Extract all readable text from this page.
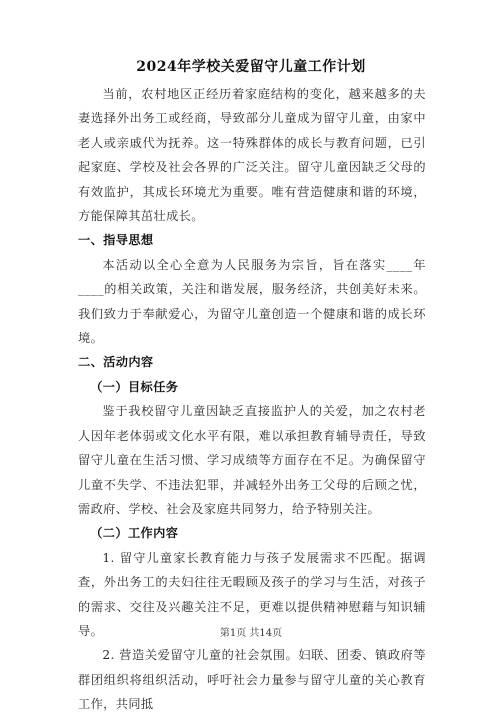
2024年学校关爱留守儿童工作计划

当前，农村地区正经历着家庭结构的变化，越来越多的夫妻选择外出务工或经商，导致部分儿童成为留守儿童，由家中老人或亲戚代为抚养。这一特殊群体的成长与教育问题，已引起家庭、学校及社会各界的广泛关注。留守儿童因缺乏父母的有效监护，其成长环境尤为重要。唯有营造健康和谐的环境，方能保障其茁壮成长。

一、指导思想

本活动以全心全意为人民服务为宗旨，旨在落实____年____的相关政策，关注和谐发展，服务经济，共创美好未来。我们致力于奉献爱心，为留守儿童创造一个健康和谐的成长环境。

二、活动内容
（一）目标任务

鉴于我校留守儿童因缺乏直接监护人的关爱，加之农村老人因年老体弱或文化水平有限，难以承担教育辅导责任，导致留守儿童在生活习惯、学习成绩等方面存在不足。为确保留守儿童不失学、不违法犯罪，并减轻外出务工父母的后顾之忧，需政府、学校、社会及家庭共同努力，给予特别关注。

（二）工作内容

1. 留守儿童家长教育能力与孩子发展需求不匹配。据调查，外出务工的夫妇往往无暇顾及孩子的学习与生活，对孩子的需求、交往及兴趣关注不足，更难以提供精神慰藉与知识辅导。

2. 营造关爱留守儿童的社会氛围。妇联、团委、镇政府等群团组织将组织活动，呼吁社会力量参与留守儿童的关心教育工作，共同抵

第1页 共14页
